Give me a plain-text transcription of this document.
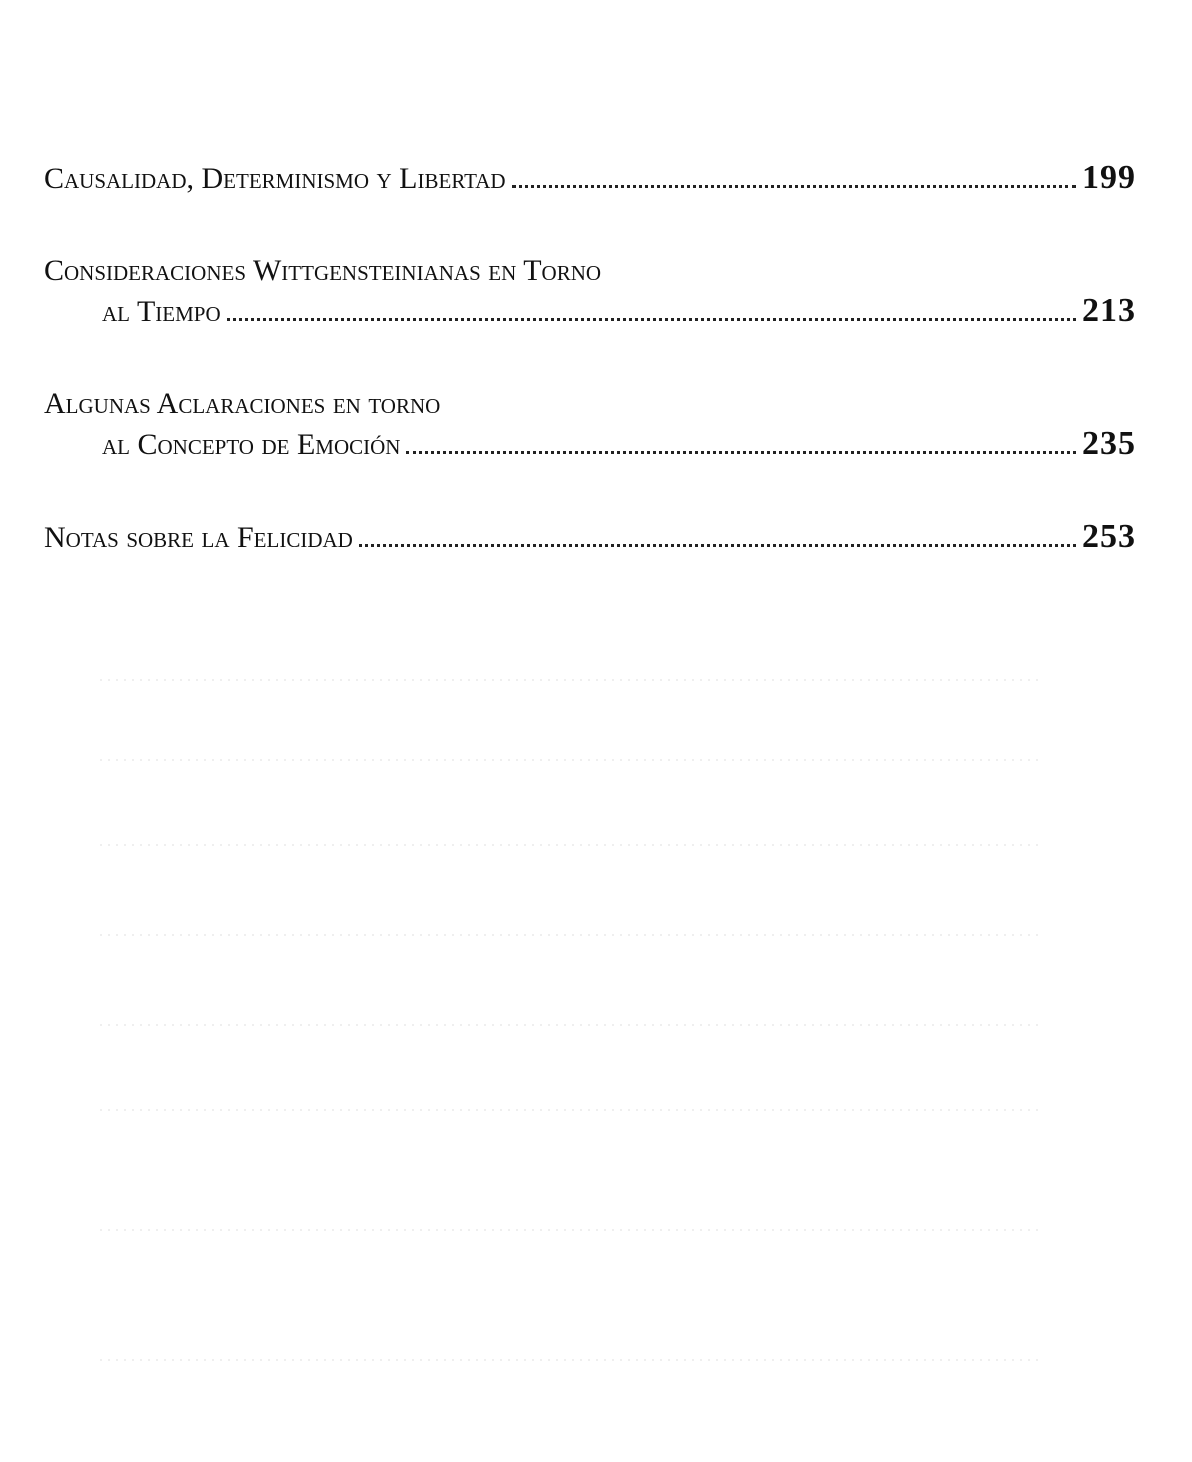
Causalidad, Determinismo y Libertad	199
Consideraciones Wittgensteinianas en Torno
al Tiempo	213
Algunas Aclaraciones en torno
al Concepto de Emoción	235
Notas sobre la Felicidad	253
